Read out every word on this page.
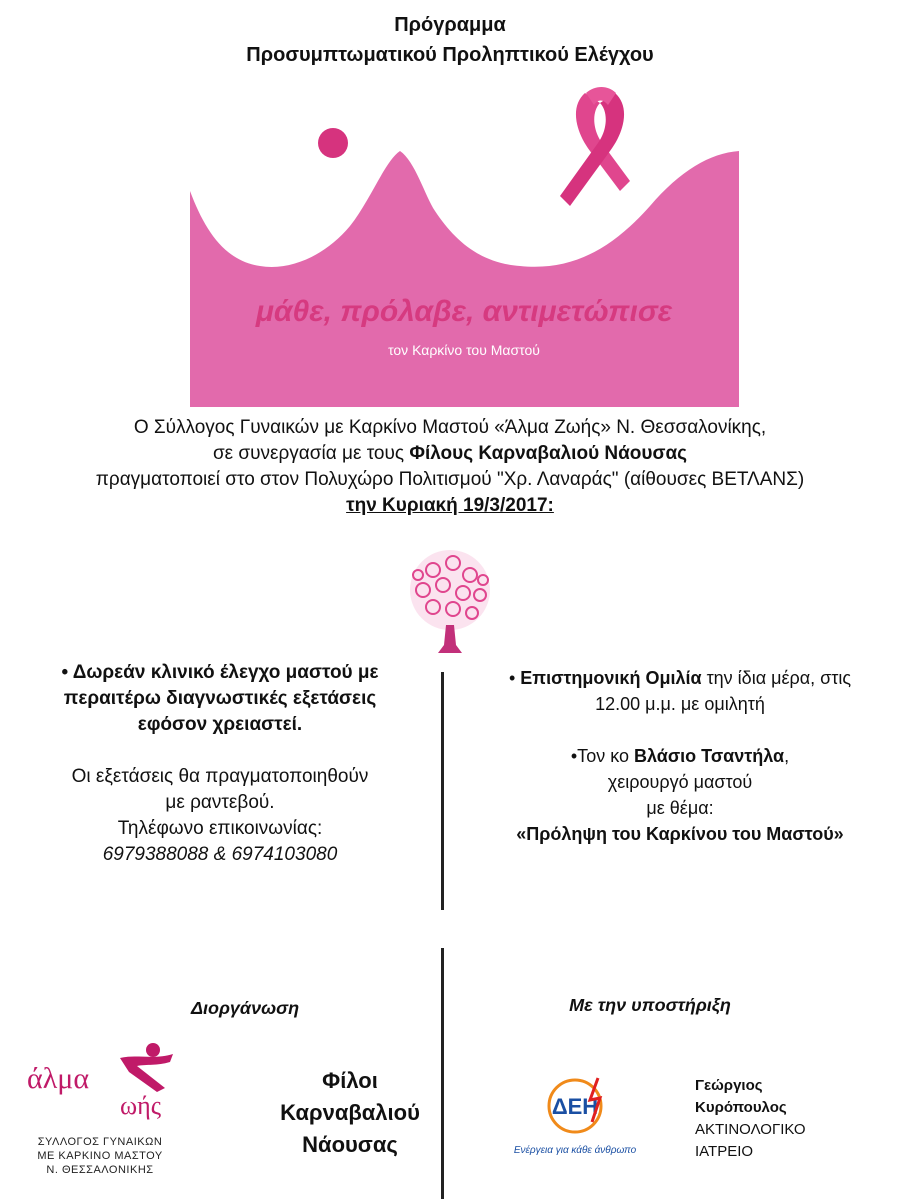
Πρόγραμμα
Προσυμπτωματικού Προληπτικού Ελέγχου
μάθε, πρόλαβε, αντιμετώπισε
τον Καρκίνο του Μαστού
Ο Σύλλογος Γυναικών με Καρκίνο Μαστού «Άλμα Ζωής» Ν. Θεσσαλονίκης,
σε συνεργασία με τους Φίλους Καρναβαλιού Νάουσας
πραγματοποιεί στο στον Πολυχώρο Πολιτισμού "Χρ. Λαναράς" (αίθουσες ΒΕΤΛΑΝΣ)
την Κυριακή 19/3/2017:
• Δωρεάν κλινικό έλεγχο μαστού με
περαιτέρω διαγνωστικές εξετάσεις
εφόσον χρειαστεί.
Οι εξετάσεις θα πραγματοποιηθούν
με ραντεβού.
Τηλέφωνο επικοινωνίας:
6979388088 & 6974103080
• Επιστημονική Ομιλία την ίδια μέρα, στις
12.00 μ.μ. με ομιλητή
•Τον κο Βλάσιο Τσαντήλα,
χειρουργό μαστού
με θέμα:
«Πρόληψη του Καρκίνου του Μαστού»
Διοργάνωση	Με την υποστήριξη
άλμα
ωής
ΣΥΛΛΟΓΟΣ ΓΥΝΑΙΚΩΝ
ΜΕ ΚΑΡΚΙΝΟ ΜΑΣΤΟΥ
Ν. ΘΕΣΣΑΛΟΝΙΚΗΣ
Φίλοι
Καρναβαλιού
Νάουσας
ΔΕΗ
Ενέργεια για κάθε άνθρωπο
Γεώργιος
Κυρόπουλος
ΑΚΤΙΝΟΛΟΓΙΚΟ
ΙΑΤΡΕΙΟ
